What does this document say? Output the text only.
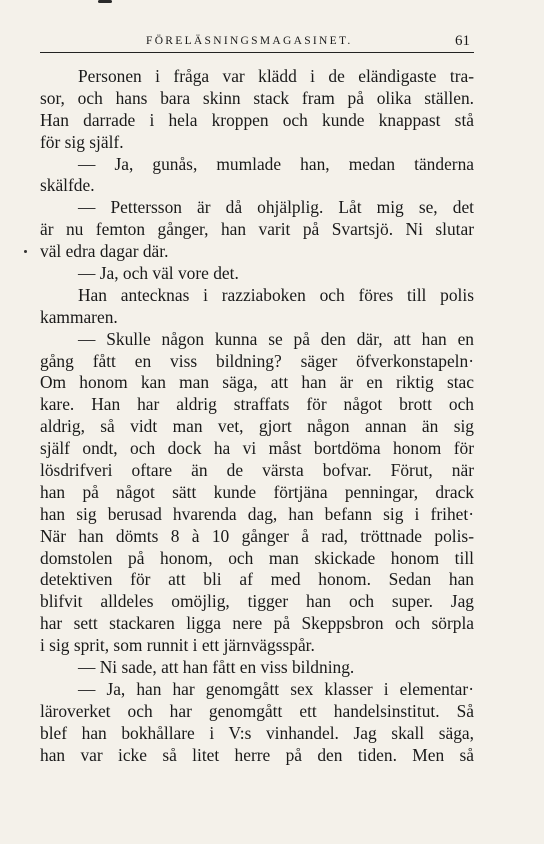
FÖRELÄSNINGSMAGASINET.	61
Personen i fråga var klädd i de eländigaste tra-
sor, och hans bara skinn stack fram på olika ställen.
Han darrade i hela kroppen och kunde knappast stå
för sig själf.
— Ja, gunås, mumlade han, medan tänderna
skälfde.
— Pettersson är då ohjälplig. Låt mig se, det
är nu femton gånger, han varit på Svartsjö. Ni slutar
väl edra dagar där.
— Ja, och väl vore det.
Han antecknas i razziaboken och föres till polis
kammaren.
— Skulle någon kunna se på den där, att han en
gång fått en viss bildning? säger öfverkonstapeln·
Om honom kan man säga, att han är en riktig stac
kare. Han har aldrig straffats för något brott och
aldrig, så vidt man vet, gjort någon annan än sig
själf ondt, och dock ha vi måst bortdöma honom för
lösdrifveri oftare än de värsta bofvar. Förut, när
han på något sätt kunde förtjäna penningar, drack
han sig berusad hvarenda dag, han befann sig i frihet·
När han dömts 8 à 10 gånger å rad, tröttnade polis-
domstolen på honom, och man skickade honom till
detektiven för att bli af med honom. Sedan han
blifvit alldeles omöjlig, tigger han och super. Jag
har sett stackaren ligga nere på Skeppsbron och sörpla
i sig sprit, som runnit i ett järnvägsspår.
— Ni sade, att han fått en viss bildning.
— Ja, han har genomgått sex klasser i elementar·
läroverket och har genomgått ett handelsinstitut. Så
blef han bokhållare i V:s vinhandel. Jag skall säga,
han var icke så litet herre på den tiden. Men så
